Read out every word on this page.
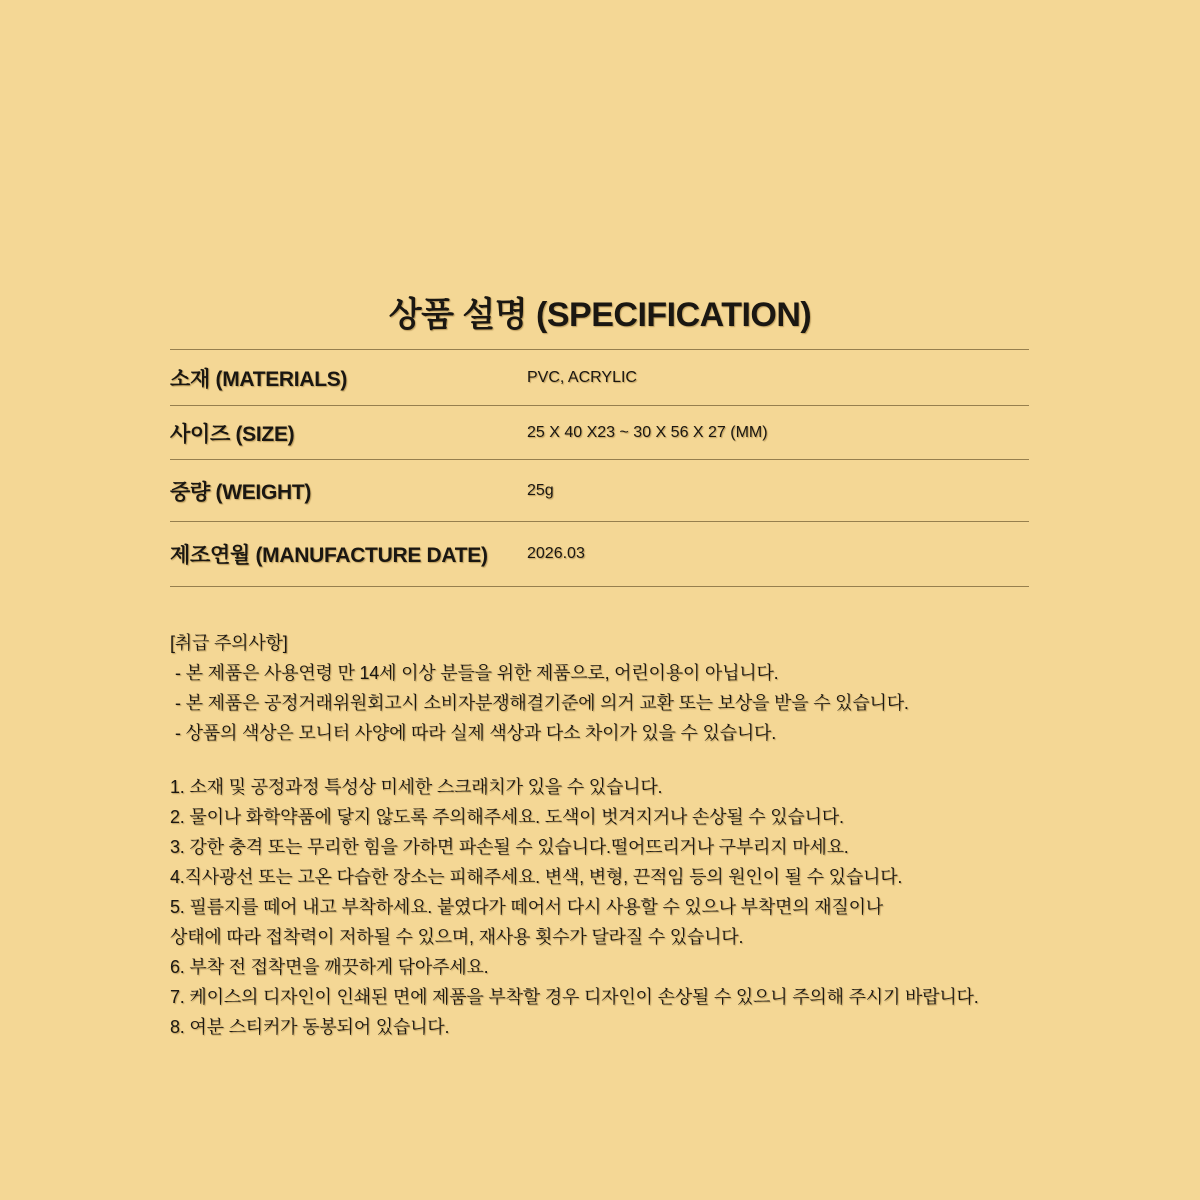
상품 설명 (SPECIFICATION)
소재 (MATERIALS)	PVC, ACRYLIC
사이즈 (SIZE)	25 X 40 X23 ~ 30 X 56 X 27 (MM)
중량 (WEIGHT)	25g
제조연월 (MANUFACTURE DATE)	2026.03
[취급 주의사항]
- 본 제품은 사용연령 만 14세 이상 분들을 위한 제품으로, 어린이용이 아닙니다.
- 본 제품은 공정거래위원회고시 소비자분쟁해결기준에 의거 교환 또는 보상을 받을 수 있습니다.
- 상품의 색상은 모니터 사양에 따라 실제 색상과 다소 차이가 있을 수 있습니다.
1. 소재 및 공정과정 특성상 미세한 스크래치가 있을 수 있습니다.
2. 물이나 화학약품에 닿지 않도록 주의해주세요. 도색이 벗겨지거나 손상될 수 있습니다.
3. 강한 충격 또는 무리한 힘을 가하면 파손될 수 있습니다.떨어뜨리거나 구부리지 마세요.
4.직사광선 또는 고온 다습한 장소는 피해주세요. 변색, 변형, 끈적임 등의 원인이 될 수 있습니다.
5. 필름지를 떼어 내고 부착하세요. 붙였다가 떼어서 다시 사용할 수 있으나 부착면의 재질이나
상태에 따라 접착력이 저하될 수 있으며, 재사용 횟수가 달라질 수 있습니다.
6. 부착 전 접착면을 깨끗하게 닦아주세요.
7. 케이스의 디자인이 인쇄된 면에 제품을 부착할 경우 디자인이 손상될 수 있으니 주의해 주시기 바랍니다.
8. 여분 스티커가 동봉되어 있습니다.
